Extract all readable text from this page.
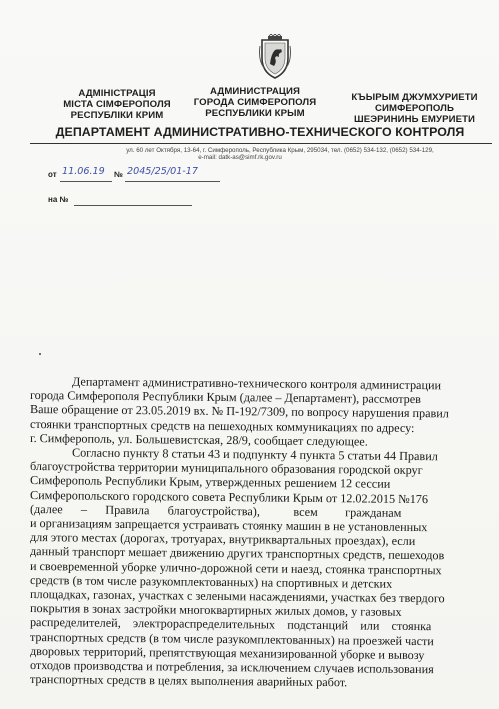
АДМІНІСТРАЦІЯ
МІСТА СІМФЕРОПОЛЯ
РЕСПУБЛІКИ КРИМ
АДМИНИСТРАЦИЯ
ГОРОДА СИМФЕРОПОЛЯ
РЕСПУБЛИКИ КРЫМ
КЪЫРЫМ ДЖУМХУРИЕТИ
СИМФЕРОПОЛЬ
ШЕЭРИНИНЬ ЕМУРИЕТИ
ДЕПАРТАМЕНТ АДМИНИСТРАТИВНО-ТЕХНИЧЕСКОГО КОНТРОЛЯ
ул. 60 лет Октября, 13-64, г. Симферополь, Республика Крым, 295034, тел. (0652) 534-132, (0652) 534-129,
e-mail: datk-as@simf.rk.gov.ru
от 11.06.19 № 2045/25/01-17
на №
Департамент административно-технического контроля администрации
города Симферополя Республики Крым (далее – Департамент), рассмотрев
Ваше обращение от 23.05.2019 вх. № П-192/7309, по вопросу нарушения правил
стоянки транспортных средств на пешеходных коммуникациях по адресу:
г. Симферополь, ул. Большевистская, 28/9, сообщает следующее.
Согласно пункту 8 статьи 43 и подпункту 4 пункта 5 статьи 44 Правил
благоустройства территории муниципального образования городской округ
Симферополь Республики Крым, утвержденных решением 12 сессии
Симферопольского городского совета Республики Крым от 12.02.2015 №176
(далее      –      Правила      благоустройства),           всем         гражданам
и организациям запрещается устраивать стоянку машин в не установленных
для этого местах (дорогах, тротуарах, внутриквартальных проездах), если
данный транспорт мешает движению других транспортных средств, пешеходов
и своевременной уборке улично-дорожной сети и наезд, стоянка транспортных
средств (в том числе разукомплектованных) на спортивных и детских
площадках, газонах, участках с зелеными насаждениями, участках без твердого
покрытия в зонах застройки многоквартирных жилых домов, у газовых
распределителей,    электрораспределительных    подстанций    или    стоянка
транспортных средств (в том числе разукомплектованных) на проезжей части
дворовых территорий, препятствующая механизированной уборке и вывозу
отходов производства и потребления, за исключением случаев использования
транспортных средств в целях выполнения аварийных работ.
